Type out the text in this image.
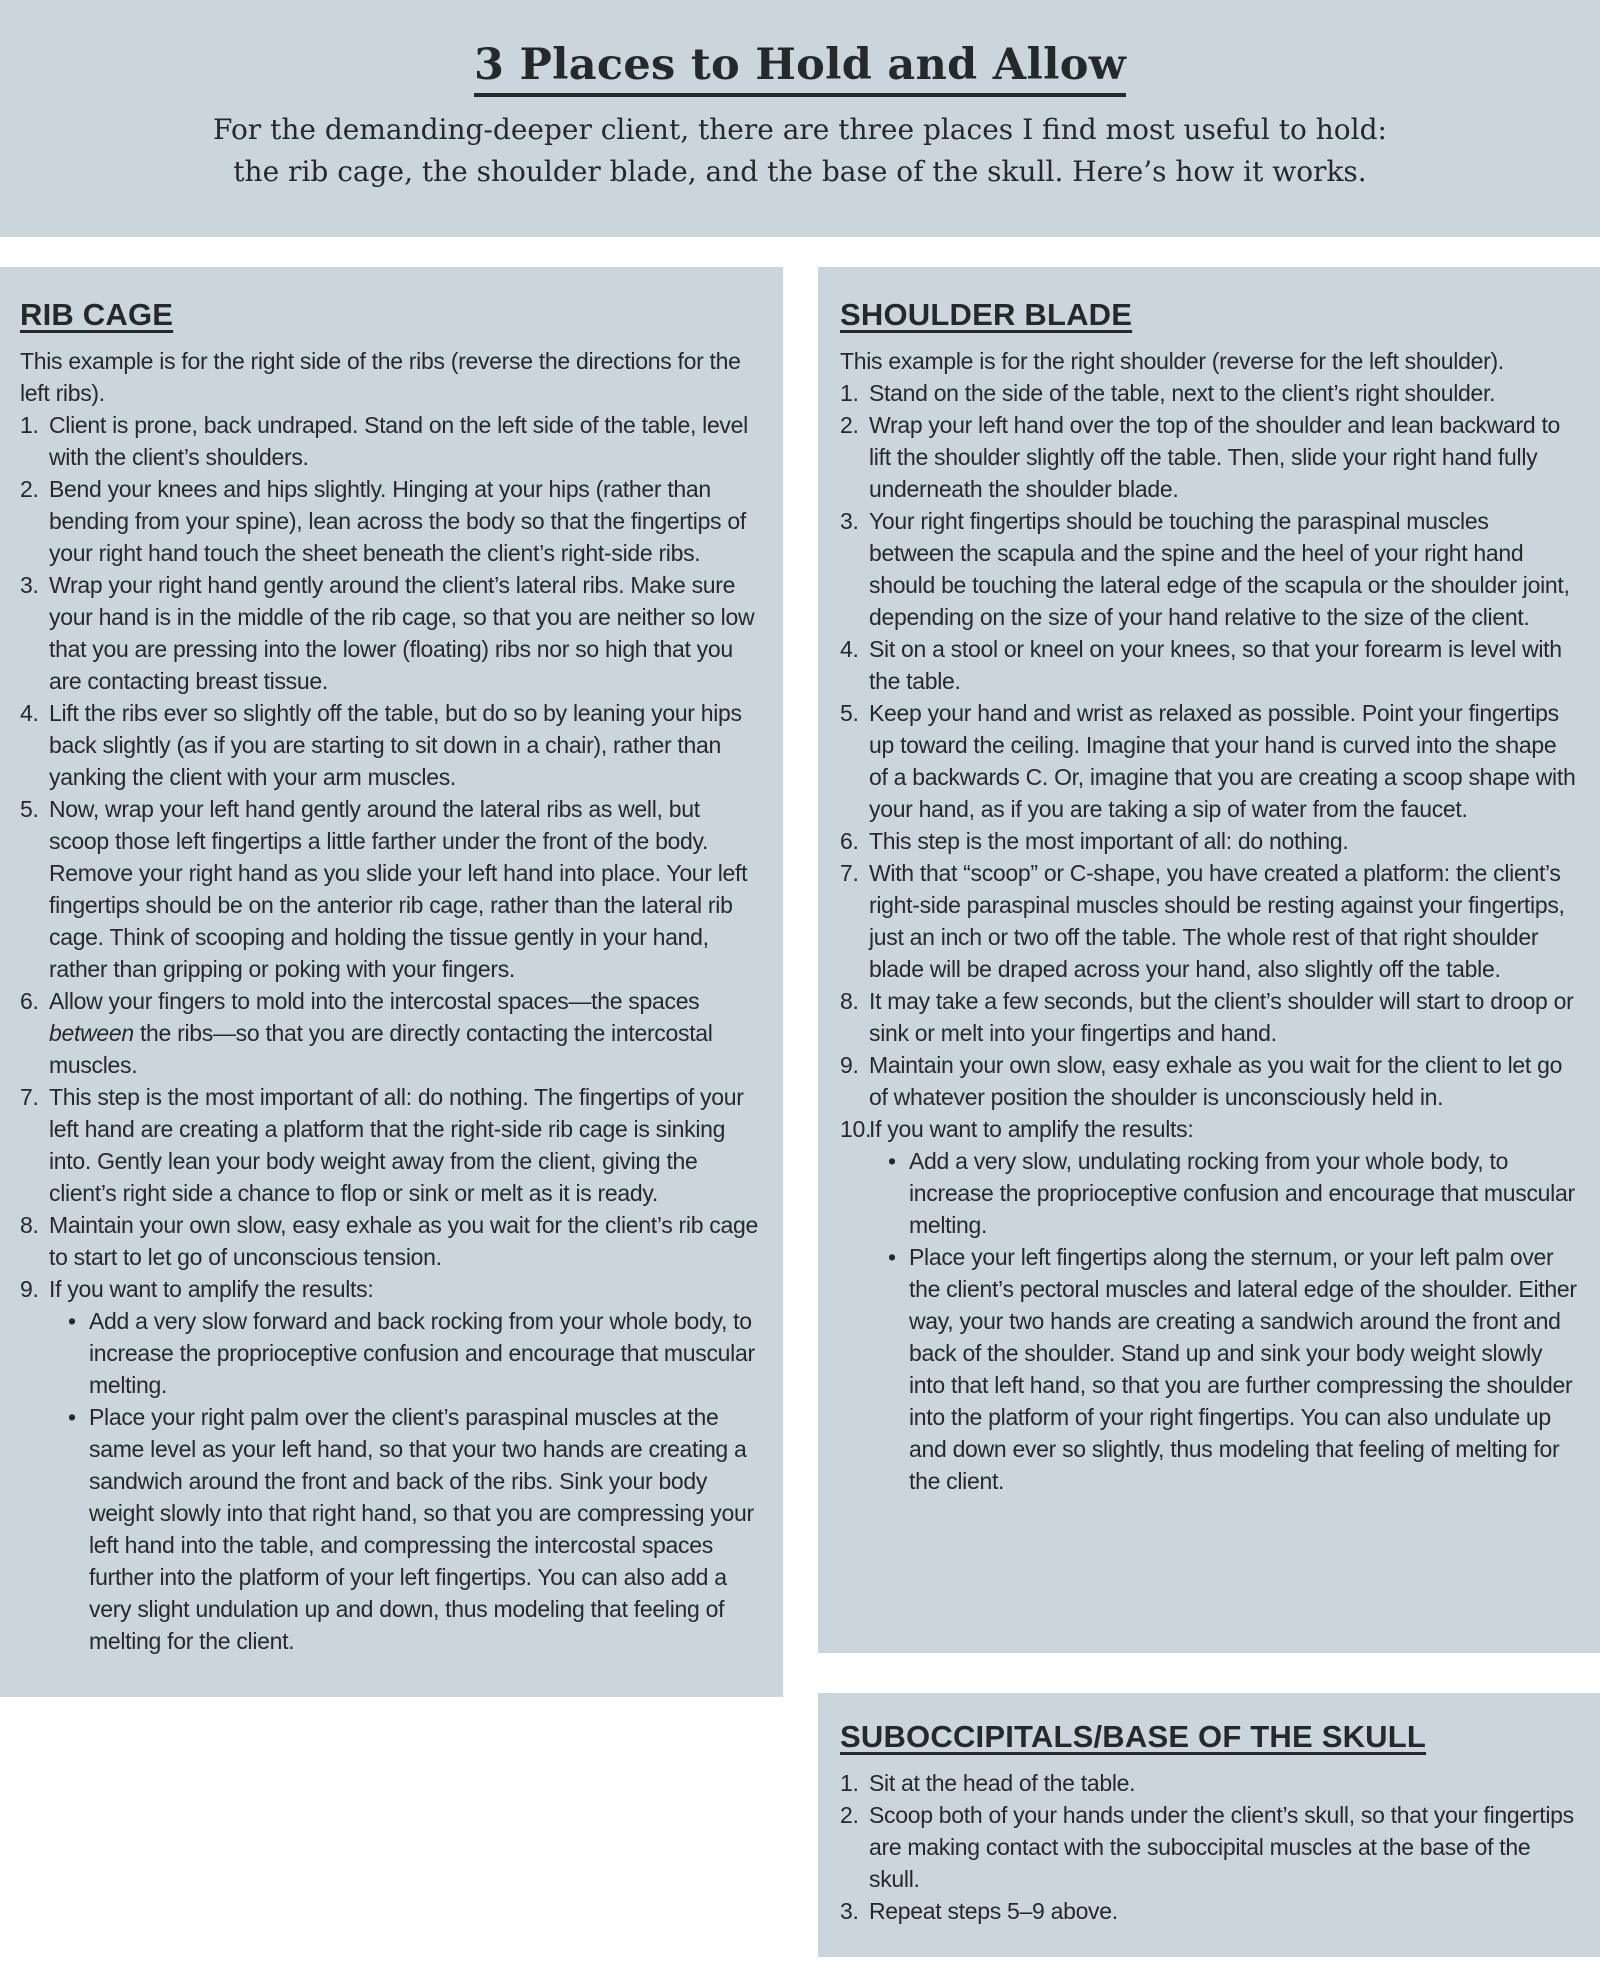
3 Places to Hold and Allow
For the demanding-deeper client, there are three places I find most useful to hold:
the rib cage, the shoulder blade, and the base of the skull. Here’s how it works.
RIB CAGE

This example is for the right side of the ribs (reverse the directions for the left ribs).

Client is prone, back undraped. Stand on the left side of the table, level with the client’s shoulders.
Bend your knees and hips slightly. Hinging at your hips (rather than bending from your spine), lean across the body so that the fingertips of your right hand touch the sheet beneath the client’s right-side ribs.
Wrap your right hand gently around the client’s lateral ribs. Make sure your hand is in the middle of the rib cage, so that you are neither so low that you are pressing into the lower (floating) ribs nor so high that you are contacting breast tissue.
Lift the ribs ever so slightly off the table, but do so by leaning your hips back slightly (as if you are starting to sit down in a chair), rather than yanking the client with your arm muscles.
Now, wrap your left hand gently around the lateral ribs as well, but scoop those left fingertips a little farther under the front of the body. Remove your right hand as you slide your left hand into place. Your left fingertips should be on the anterior rib cage, rather than the lateral rib cage. Think of scooping and holding the tissue gently in your hand, rather than gripping or poking with your fingers.
Allow your fingers to mold into the intercostal spaces—the spaces between the ribs—so that you are directly contacting the intercostal muscles.
This step is the most important of all: do nothing. The fingertips of your left hand are creating a platform that the right-side rib cage is sinking into. Gently lean your body weight away from the client, giving the client’s right side a chance to flop or sink or melt as it is ready.
Maintain your own slow, easy exhale as you wait for the client’s rib cage to start to let go of unconscious tension.
If you want to amplify the results:
• Add a very slow forward and back rocking from your whole body, to increase the proprioceptive confusion and encourage that muscular melting.
• Place your right palm over the client’s paraspinal muscles at the same level as your left hand, so that your two hands are creating a sandwich around the front and back of the ribs. Sink your body weight slowly into that right hand, so that you are compressing your left hand into the table, and compressing the intercostal spaces further into the platform of your left fingertips. You can also add a very slight undulation up and down, thus modeling that feeling of melting for the client.
SHOULDER BLADE

This example is for the right shoulder (reverse for the left shoulder).

Stand on the side of the table, next to the client’s right shoulder.
Wrap your left hand over the top of the shoulder and lean backward to lift the shoulder slightly off the table. Then, slide your right hand fully underneath the shoulder blade.
Your right fingertips should be touching the paraspinal muscles between the scapula and the spine and the heel of your right hand should be touching the lateral edge of the scapula or the shoulder joint, depending on the size of your hand relative to the size of the client.
Sit on a stool or kneel on your knees, so that your forearm is level with the table.
Keep your hand and wrist as relaxed as possible. Point your fingertips up toward the ceiling. Imagine that your hand is curved into the shape of a backwards C. Or, imagine that you are creating a scoop shape with your hand, as if you are taking a sip of water from the faucet.
This step is the most important of all: do nothing.
With that “scoop” or C-shape, you have created a platform: the client’s right-side paraspinal muscles should be resting against your fingertips, just an inch or two off the table. The whole rest of that right shoulder blade will be draped across your hand, also slightly off the table.
It may take a few seconds, but the client’s shoulder will start to droop or sink or melt into your fingertips and hand.
Maintain your own slow, easy exhale as you wait for the client to let go of whatever position the shoulder is unconsciously held in.
If you want to amplify the results:
• Add a very slow, undulating rocking from your whole body, to increase the proprioceptive confusion and encourage that muscular melting.
• Place your left fingertips along the sternum, or your left palm over the client’s pectoral muscles and lateral edge of the shoulder. Either way, your two hands are creating a sandwich around the front and back of the shoulder. Stand up and sink your body weight slowly into that left hand, so that you are further compressing the shoulder into the platform of your right fingertips. You can also undulate up and down ever so slightly, thus modeling that feeling of melting for the client.
SUBOCCIPITALS/BASE OF THE SKULL
Sit at the head of the table.
Scoop both of your hands under the client’s skull, so that your fingertips are making contact with the suboccipital muscles at the base of the skull.
Repeat steps 5–9 above.
